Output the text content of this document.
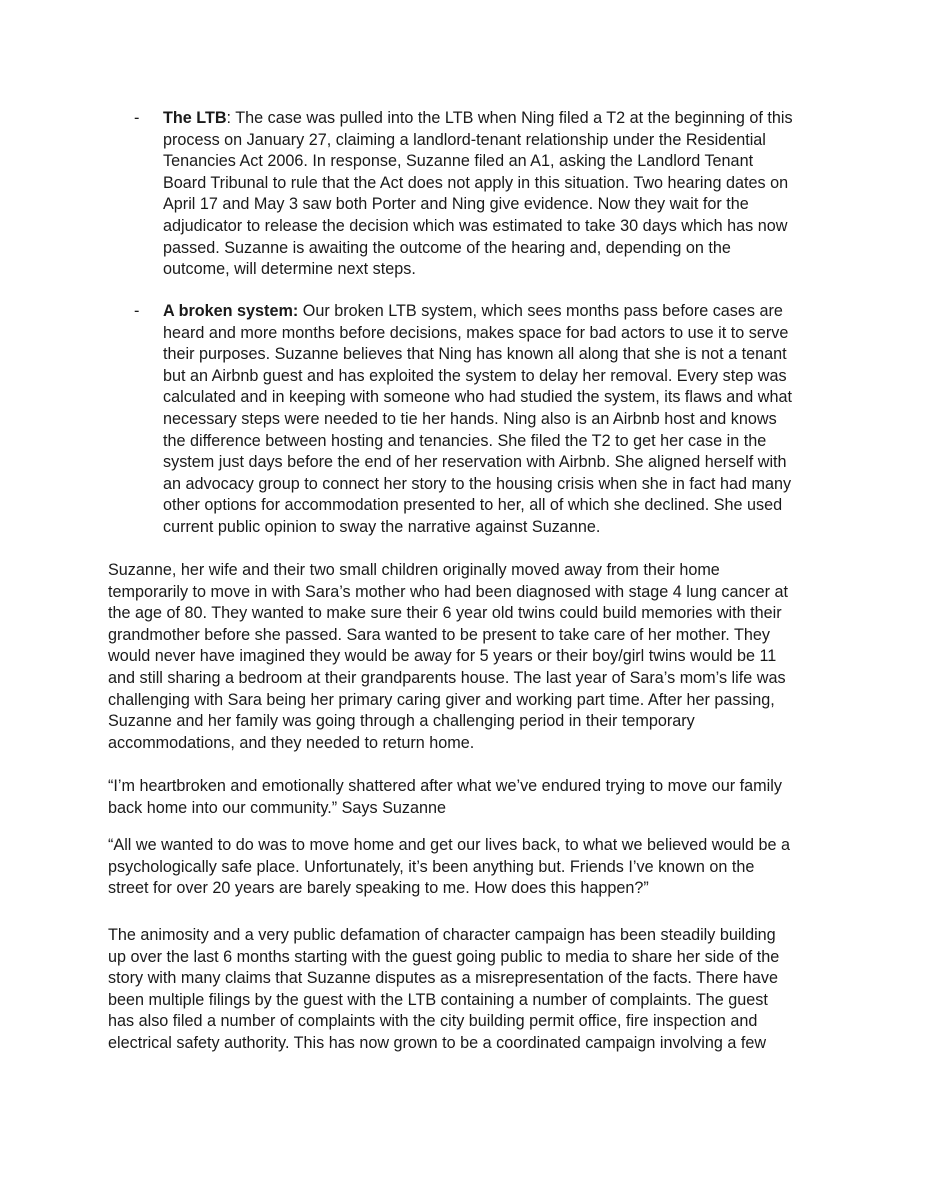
- The LTB: The case was pulled into the LTB when Ning filed a T2 at the beginning of this
process on January 27, claiming a landlord-tenant relationship under the Residential
Tenancies Act 2006. In response, Suzanne filed an A1, asking the Landlord Tenant
Board Tribunal to rule that the Act does not apply in this situation. Two hearing dates on
April 17 and May 3 saw both Porter and Ning give evidence. Now they wait for the
adjudicator to release the decision which was estimated to take 30 days which has now
passed. Suzanne is awaiting the outcome of the hearing and, depending on the
outcome, will determine next steps.
- A broken system: Our broken LTB system, which sees months pass before cases are
heard and more months before decisions, makes space for bad actors to use it to serve
their purposes. Suzanne believes that Ning has known all along that she is not a tenant
but an Airbnb guest and has exploited the system to delay her removal. Every step was
calculated and in keeping with someone who had studied the system, its flaws and what
necessary steps were needed to tie her hands. Ning also is an Airbnb host and knows
the difference between hosting and tenancies. She filed the T2 to get her case in the
system just days before the end of her reservation with Airbnb. She aligned herself with
an advocacy group to connect her story to the housing crisis when she in fact had many
other options for accommodation presented to her, all of which she declined. She used
current public opinion to sway the narrative against Suzanne.
Suzanne, her wife and their two small children originally moved away from their home
temporarily to move in with Sara’s mother who had been diagnosed with stage 4 lung cancer at
the age of 80. They wanted to make sure their 6 year old twins could build memories with their
grandmother before she passed. Sara wanted to be present to take care of her mother. They
would never have imagined they would be away for 5 years or their boy/girl twins would be 11
and still sharing a bedroom at their grandparents house. The last year of Sara’s mom’s life was
challenging with Sara being her primary caring giver and working part time. After her passing,
Suzanne and her family was going through a challenging period in their temporary
accommodations, and they needed to return home.
“I’m heartbroken and emotionally shattered after what we’ve endured trying to move our family
back home into our community.” Says Suzanne
“All we wanted to do was to move home and get our lives back, to what we believed would be a
psychologically safe place. Unfortunately, it’s been anything but. Friends I’ve known on the
street for over 20 years are barely speaking to me. How does this happen?”
The animosity and a very public defamation of character campaign has been steadily building
up over the last 6 months starting with the guest going public to media to share her side of the
story with many claims that Suzanne disputes as a misrepresentation of the facts. There have
been multiple filings by the guest with the LTB containing a number of complaints. The guest
has also filed a number of complaints with the city building permit office, fire inspection and
electrical safety authority. This has now grown to be a coordinated campaign involving a few
